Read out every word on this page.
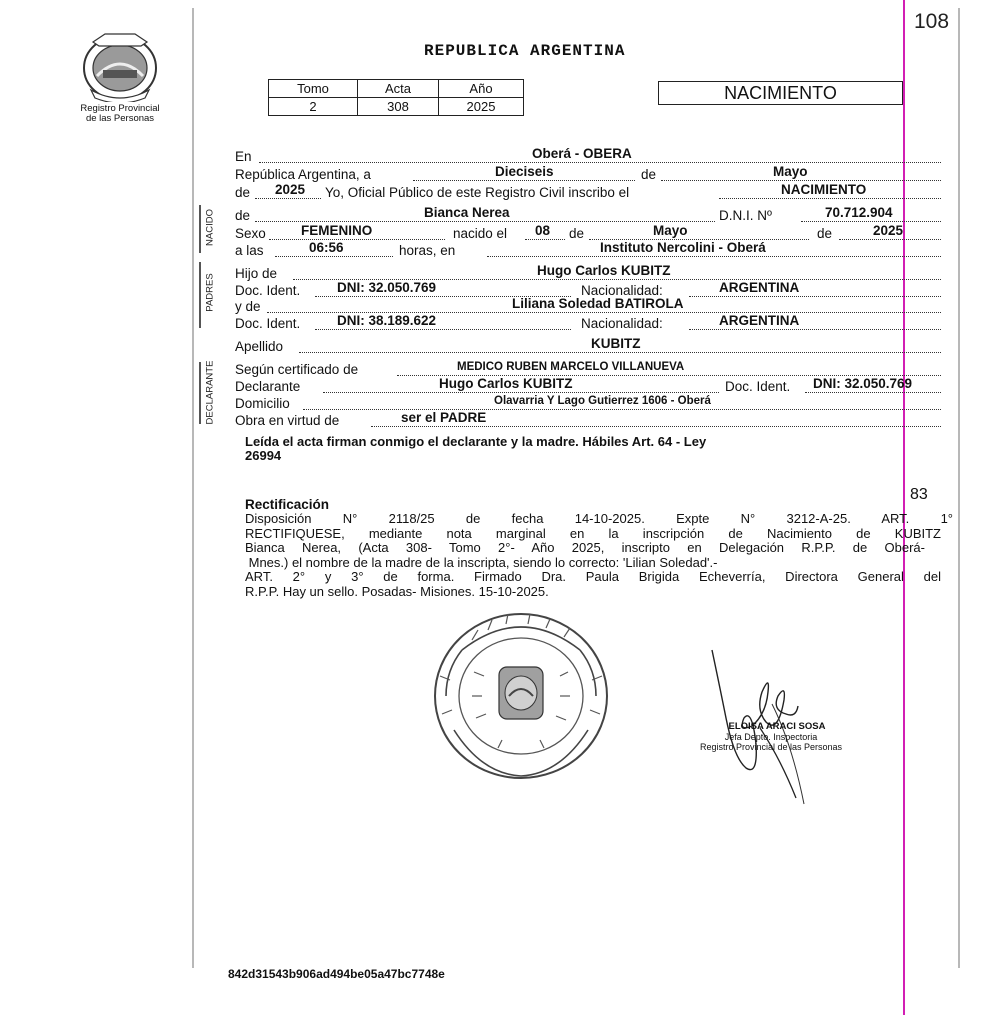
108
Registro Provincial
de las Personas
REPUBLICA ARGENTINA
Tomo	Acta	Año
2	308	2025
NACIMIENTO
NACIDO
PADRES
DECLARANTE
En	Oberá - OBERA
República Argentina, a	Dieciseis	de	Mayo
de 2025 Yo, Oficial Público de este Registro Civil inscribo el	NACIMIENTO
de	Bianca Nerea	D.N.I. Nº	70.712.904
Sexo	FEMENINO	nacido el 08 de	Mayo	de	2025
a las	06:56	horas, en	Instituto Nercolini - Oberá
Hijo de	Hugo Carlos KUBITZ
Doc. Ident.	DNI: 32.050.769	Nacionalidad:	ARGENTINA
y de	Liliana Soledad BATIROLA
Doc. Ident.	DNI: 38.189.622	Nacionalidad:	ARGENTINA
Apellido	KUBITZ
Según certificado de	MEDICO RUBEN MARCELO VILLANUEVA
Declarante	Hugo Carlos KUBITZ	Doc. Ident. DNI: 32.050.769
Domicilio	Olavarria Y Lago Gutierrez 1606 - Oberá
Obra en virtud de	ser el PADRE
Leída el acta firman conmigo el declarante y la madre. Hábiles Art. 64 - Ley
26994
83
Rectificación
Disposición N° 2118/25 de fecha 14-10-2025. Expte N° 3212-A-25. ART. 1°
RECTIFIQUESE, mediante nota marginal en la inscripción de Nacimiento de KUBITZ
Bianca Nerea, (Acta 308- Tomo 2°- Año 2025, inscripto en Delegación R.P.P. de Oberá-
Mnes.) el nombre de la madre de la inscripta, siendo lo correcto: 'Lilian Soledad'.-
ART. 2° y 3° de forma. Firmado Dra. Paula Brigida Echeverría, Directora General del
R.P.P. Hay un sello. Posadas- Misiones. 15-10-2025.
ELOISA ARACI SOSA
Jefa Depto. Inspectoria
Registro Provincial de las Personas
842d31543b906ad494be05a47bc7748e
